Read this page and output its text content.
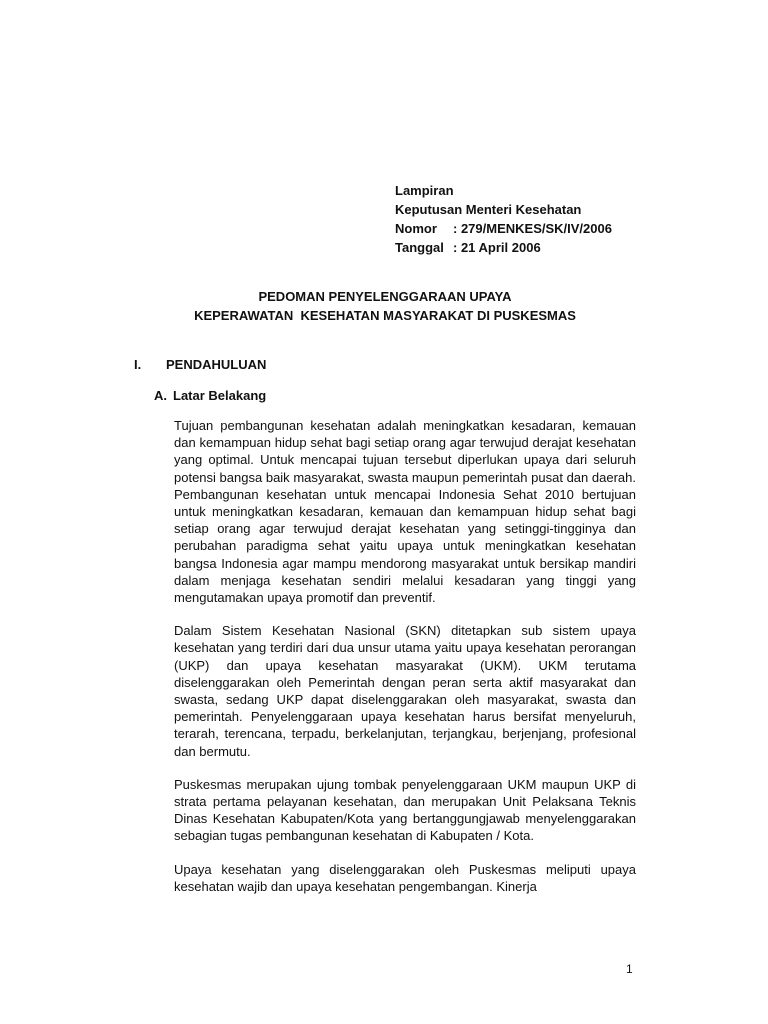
Lampiran
Keputusan Menteri Kesehatan
Nomor : 279/MENKES/SK/IV/2006
Tanggal : 21 April 2006
PEDOMAN PENYELENGGARAAN UPAYA
KEPERAWATAN  KESEHATAN MASYARAKAT DI PUSKESMAS
I. PENDAHULUAN
A. Latar Belakang

Tujuan pembangunan kesehatan adalah meningkatkan kesadaran, kemauan dan kemampuan hidup sehat bagi setiap orang agar terwujud derajat kesehatan yang optimal. Untuk mencapai tujuan tersebut diperlukan upaya dari seluruh potensi bangsa baik masyarakat, swasta maupun pemerintah pusat dan daerah. Pembangunan kesehatan untuk mencapai Indonesia Sehat 2010 bertujuan untuk meningkatkan kesadaran, kemauan dan kemampuan hidup sehat bagi setiap orang agar terwujud derajat kesehatan yang setinggi-tingginya dan perubahan paradigma sehat yaitu upaya untuk meningkatkan kesehatan bangsa Indonesia agar mampu mendorong masyarakat untuk bersikap mandiri dalam menjaga kesehatan sendiri melalui kesadaran yang tinggi yang mengutamakan upaya promotif dan preventif.

Dalam Sistem Kesehatan Nasional (SKN) ditetapkan sub sistem upaya kesehatan yang terdiri dari dua unsur utama yaitu upaya kesehatan perorangan (UKP) dan upaya kesehatan masyarakat (UKM). UKM terutama diselenggarakan oleh Pemerintah dengan peran serta aktif masyarakat dan swasta, sedang UKP dapat diselenggarakan oleh masyarakat, swasta dan pemerintah. Penyelenggaraan upaya kesehatan harus bersifat menyeluruh, terarah, terencana, terpadu, berkelanjutan, terjangkau, berjenjang, profesional dan bermutu.

Puskesmas merupakan ujung tombak penyelenggaraan UKM maupun UKP di strata pertama pelayanan kesehatan, dan merupakan Unit Pelaksana Teknis Dinas Kesehatan Kabupaten/Kota yang bertanggungjawab menyelenggarakan sebagian tugas pembangunan kesehatan di Kabupaten / Kota.

Upaya kesehatan yang diselenggarakan oleh Puskesmas meliputi upaya kesehatan wajib dan upaya kesehatan pengembangan. Kinerja

1
